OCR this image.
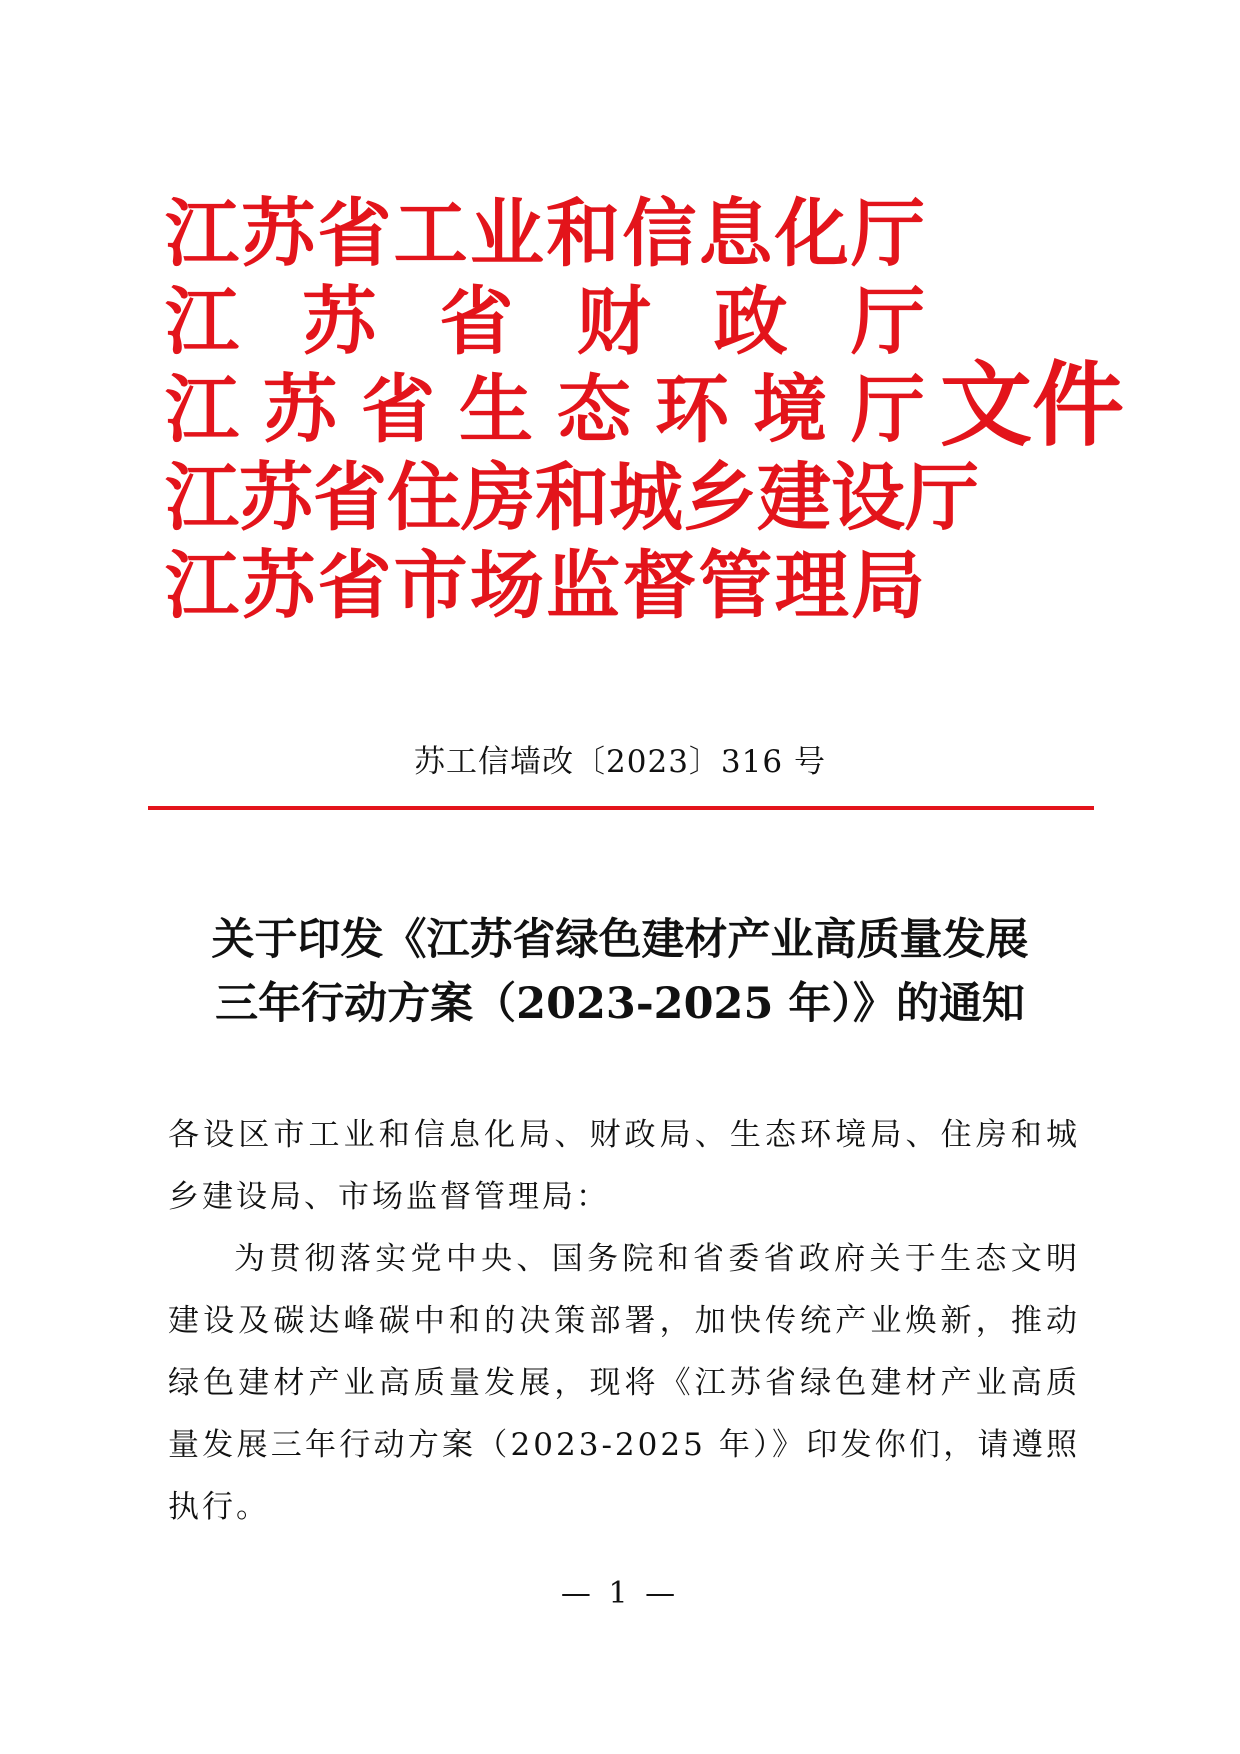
江 苏 省 工 业 和 信 息 化 厅
江 苏 省 财 政 厅
江 苏 省 生 态 环 境 厅
江 苏 省 住 房 和 城 乡 建 设 厅
江 苏 省 市 场 监 督 管 理 局
文件
苏工信墙改〔2023〕316 号
关于印发《江苏省绿色建材产业高质量发展
三年行动方案（2023-2025 年）》的通知

各设区市工业和信息化局、财政局、生态环境局、住房和城乡建设局、市场监督管理局：

为贯彻落实党中央、国务院和省委省政府关于生态文明建设及碳达峰碳中和的决策部署，加快传统产业焕新，推动绿色建材产业高质量发展，现将《江苏省绿色建材产业高质量发展三年行动方案（2023-2025 年）》印发你们，请遵照执行。

— 1 —
